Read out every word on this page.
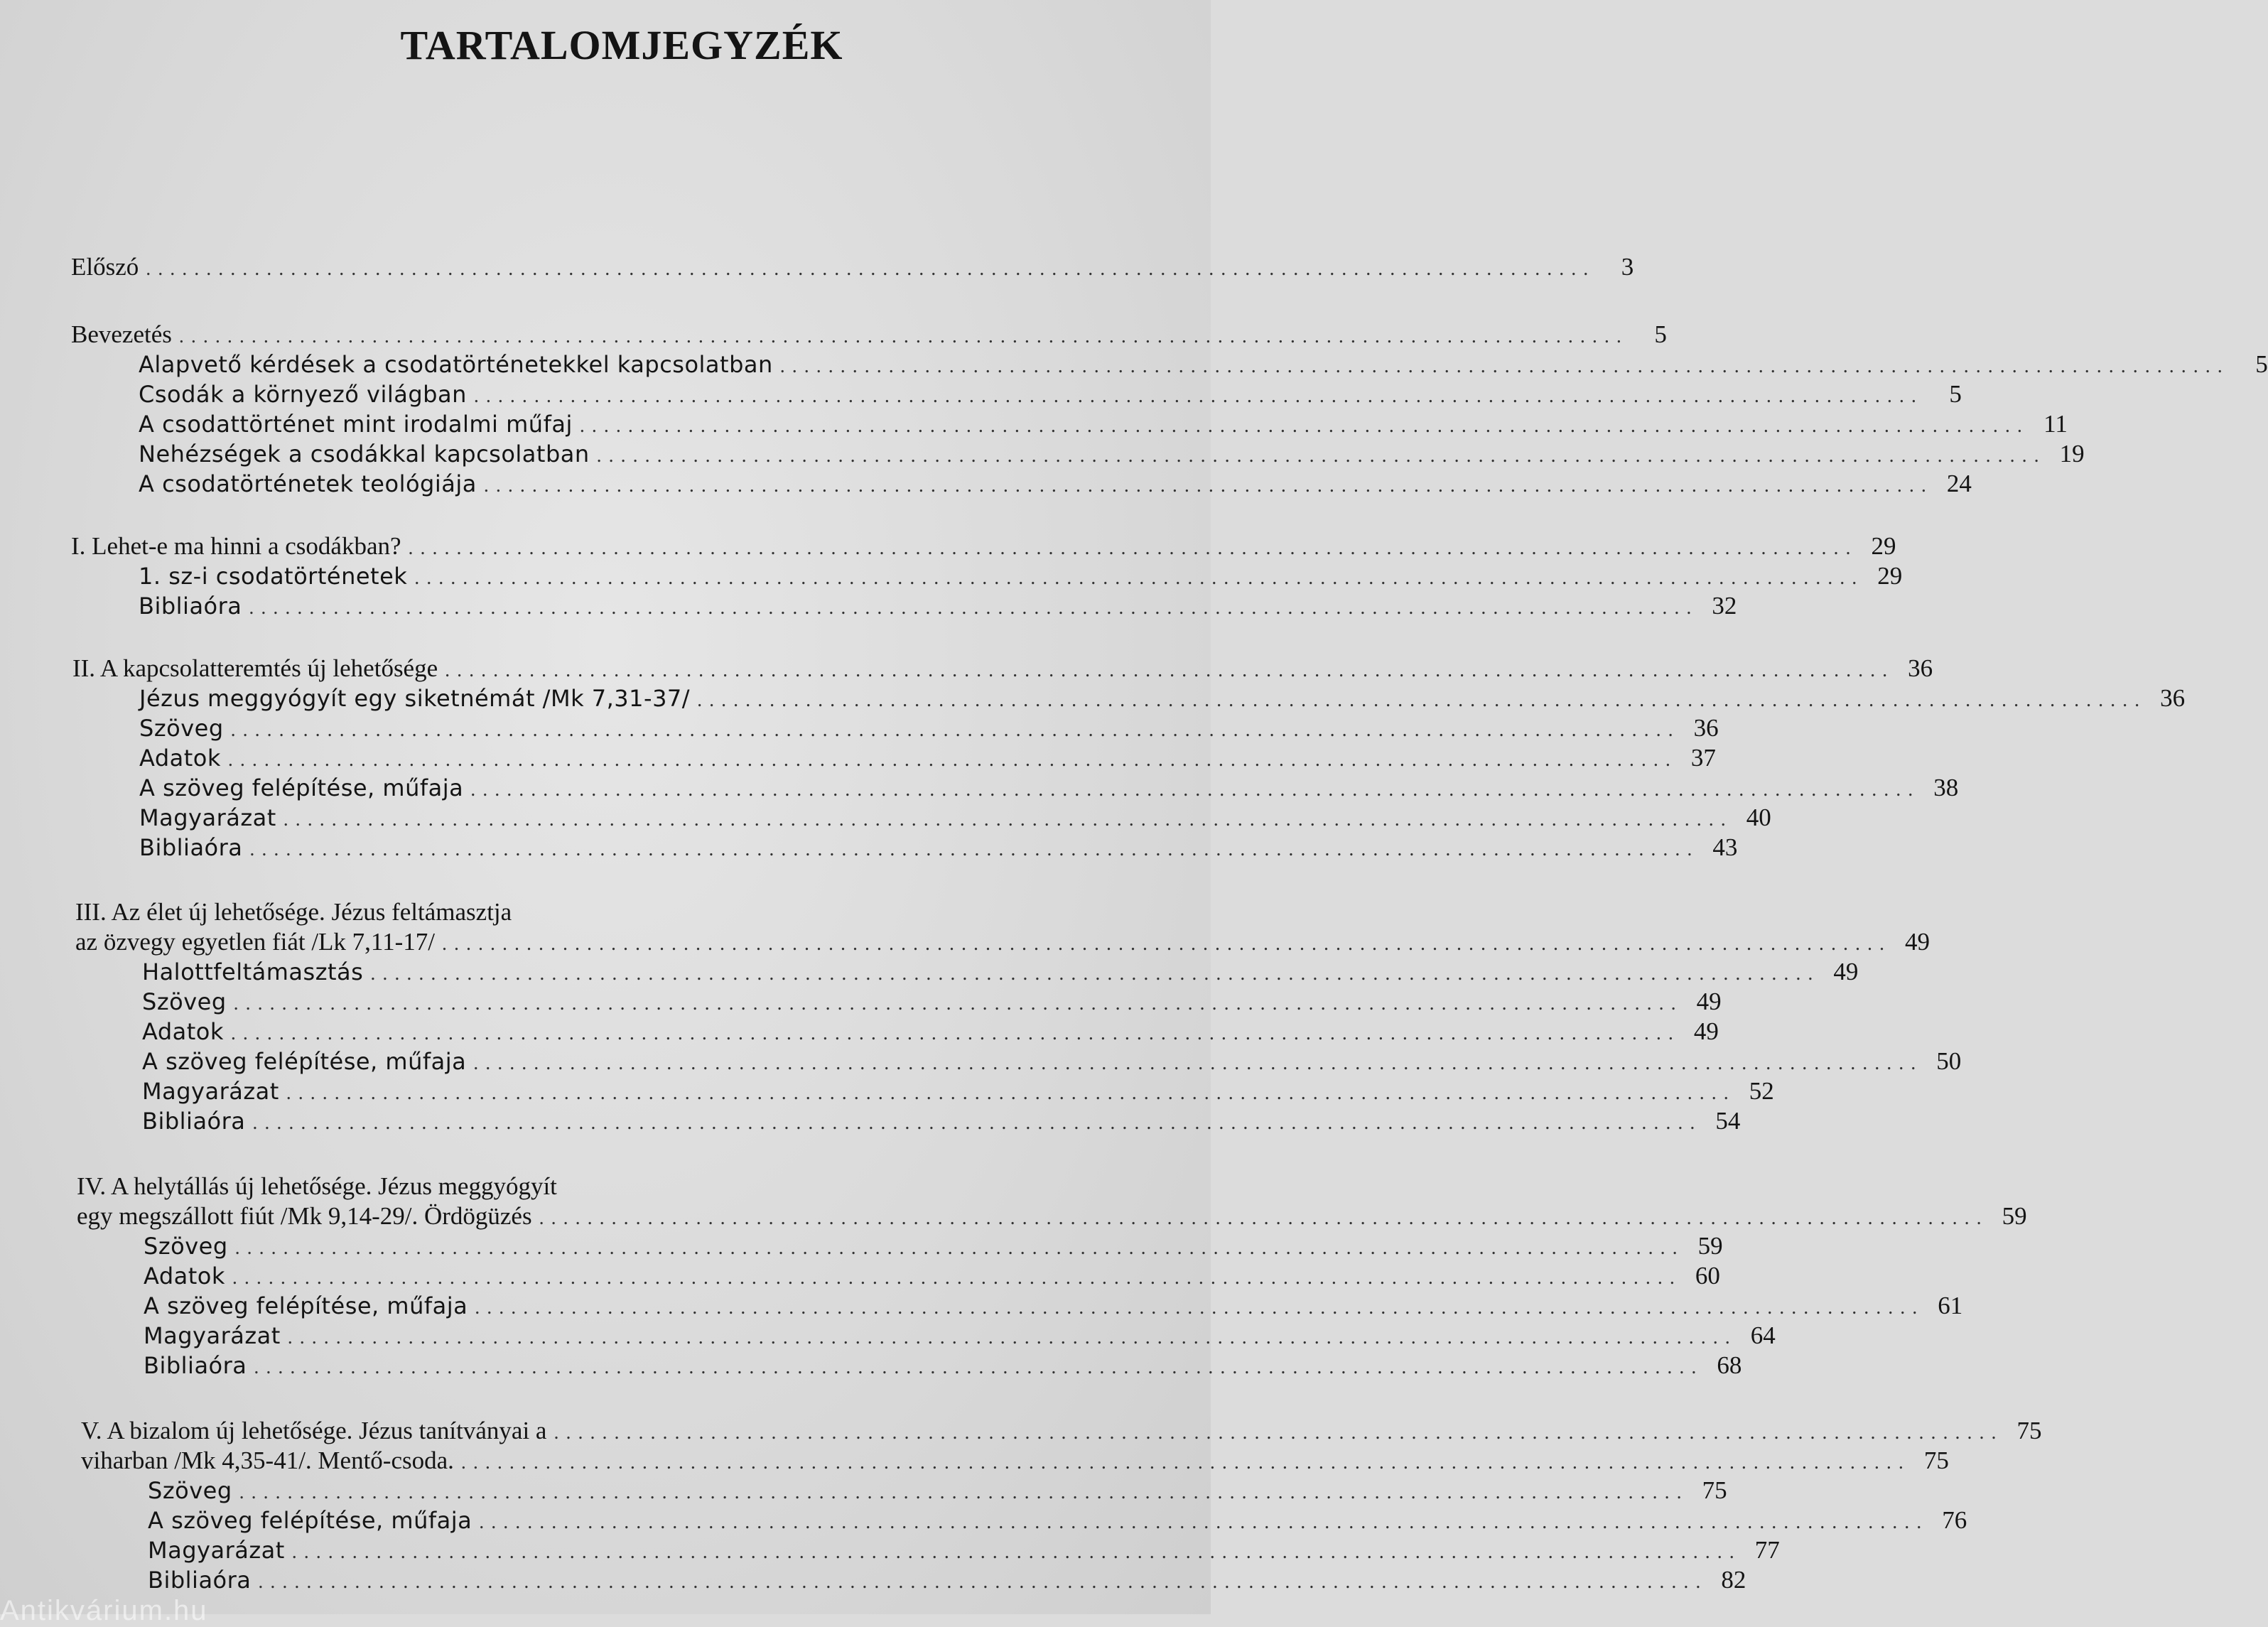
TARTALOMJEGYZÉK
Előszó ........................................................................................................................	3
Bevezetés ........................................................................................................................	5
Alapvető kérdések a csodatörténetekkel kapcsolatban ........................................................................................................................	5
Csodák a környező világban ........................................................................................................................	5
A csodattörténet mint irodalmi műfaj ........................................................................................................................ 11
Nehézségek a csodákkal kapcsolatban ........................................................................................................................ 19
A csodatörténetek teológiája ........................................................................................................................ 24
I. Lehet-e ma hinni a csodákban? ........................................................................................................................ 29
1. sz-i csodatörténetek ........................................................................................................................ 29
Bibliaóra ........................................................................................................................ 32
II. A kapcsolatteremtés új lehetősége ........................................................................................................................ 36
Jézus meggyógyít egy siketnémát /Mk 7,31-37/ ........................................................................................................................ 36
Szöveg ........................................................................................................................ 36
Adatok ........................................................................................................................ 37
A szöveg felépítése, műfaja ........................................................................................................................ 38
Magyarázat ........................................................................................................................ 40
Bibliaóra ........................................................................................................................ 43
III. Az élet új lehetősége. Jézus feltámasztja
az özvegy egyetlen fiát /Lk 7,11-17/ ........................................................................................................................ 49
Halottfeltámasztás ........................................................................................................................ 49
Szöveg ........................................................................................................................ 49
Adatok ........................................................................................................................ 49
A szöveg felépítése, műfaja ........................................................................................................................ 50
Magyarázat ........................................................................................................................ 52
Bibliaóra ........................................................................................................................ 54
IV. A helytállás új lehetősége. Jézus meggyógyít
egy megszállott fiút /Mk 9,14-29/. Ördögüzés ........................................................................................................................ 59
Szöveg ........................................................................................................................ 59
Adatok ........................................................................................................................ 60
A szöveg felépítése, műfaja ........................................................................................................................ 61
Magyarázat ........................................................................................................................ 64
Bibliaóra ........................................................................................................................ 68
V. A bizalom új lehetősége. Jézus tanítványai a ........................................................................................................................ 75
viharban /Mk 4,35-41/. Mentő-csoda. ........................................................................................................................ 75
Szöveg ........................................................................................................................ 75
A szöveg felépítése, műfaja ........................................................................................................................ 76
Magyarázat ........................................................................................................................ 77
Bibliaóra ........................................................................................................................ 82
Antikvárium.hu
